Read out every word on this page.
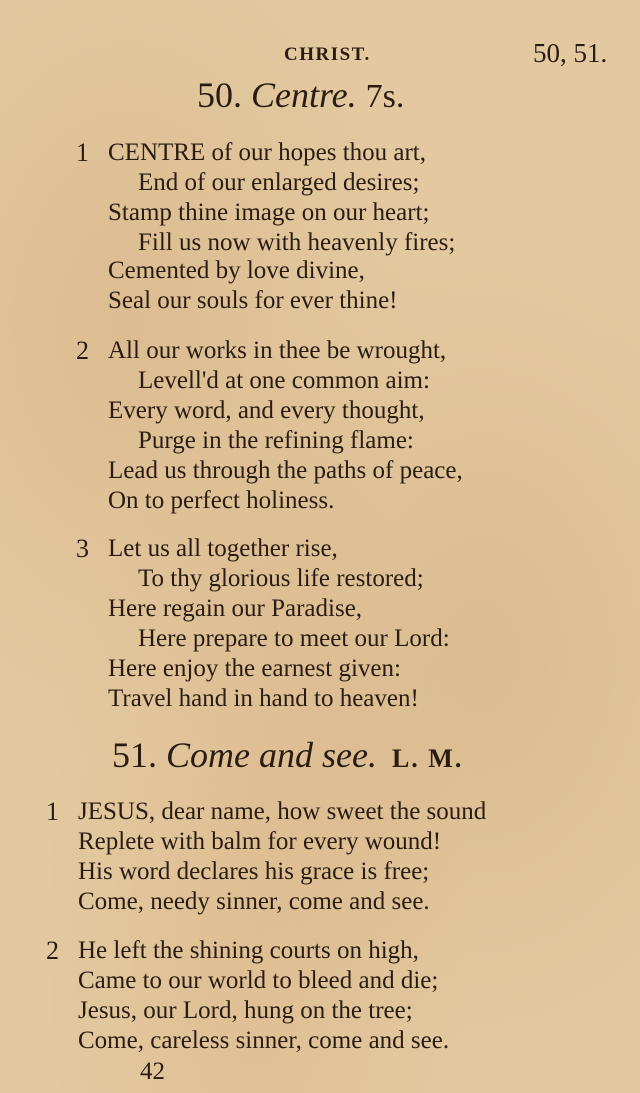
CHRIST.	50, 51.
50. Centre. 7s.
1 CENTRE of our hopes thou art,
End of our enlarged desires;
Stamp thine image on our heart;
Fill us now with heavenly fires;
Cemented by love divine,
Seal our souls for ever thine!
2 All our works in thee be wrought,
Levell'd at one common aim:
Every word, and every thought,
Purge in the refining flame:
Lead us through the paths of peace,
On to perfect holiness.
3 Let us all together rise,
To thy glorious life restored;
Here regain our Paradise,
Here prepare to meet our Lord:
Here enjoy the earnest given:
Travel hand in hand to heaven!
51. Come and see. L. M.
1 JESUS, dear name, how sweet the sound
Replete with balm for every wound!
His word declares his grace is free;
Come, needy sinner, come and see.
2 He left the shining courts on high,
Came to our world to bleed and die;
Jesus, our Lord, hung on the tree;
Come, careless sinner, come and see.
42
